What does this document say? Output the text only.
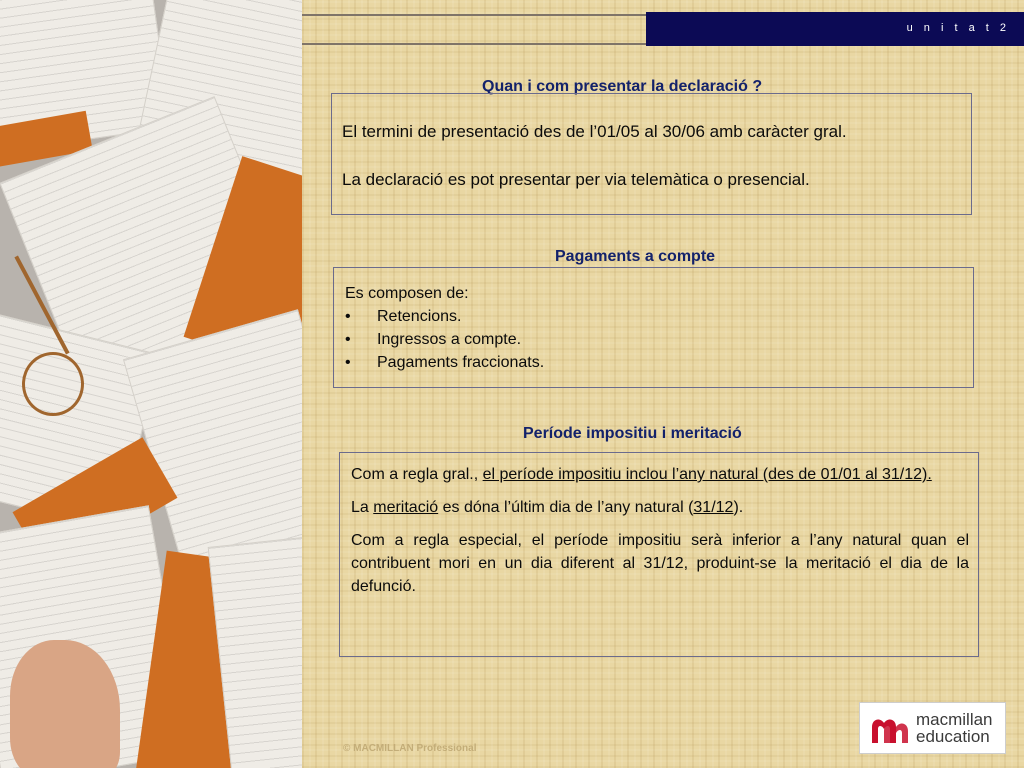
u n i t a t 2
Quan i com presentar la declaració ?

El termini de presentació des de l’01/05 al 30/06 amb caràcter gral.

La declaració es pot presentar per via telemàtica o presencial.

Pagaments a compte

Es composen de:

• Retencions.
• Ingressos a compte.
• Pagaments fraccionats.
Període impositiu i meritació

Com a regla gral., el període impositiu inclou l’any natural (des de 01/01 al 31/12).

La meritació es dóna l’últim dia de l’any natural (31/12).

Com a regla especial, el període impositiu serà inferior a l’any natural quan el contribuent mori en un dia diferent al 31/12, produint-se la meritació el dia de la defunció.

© MACMILLAN Professional
macmillan
education
